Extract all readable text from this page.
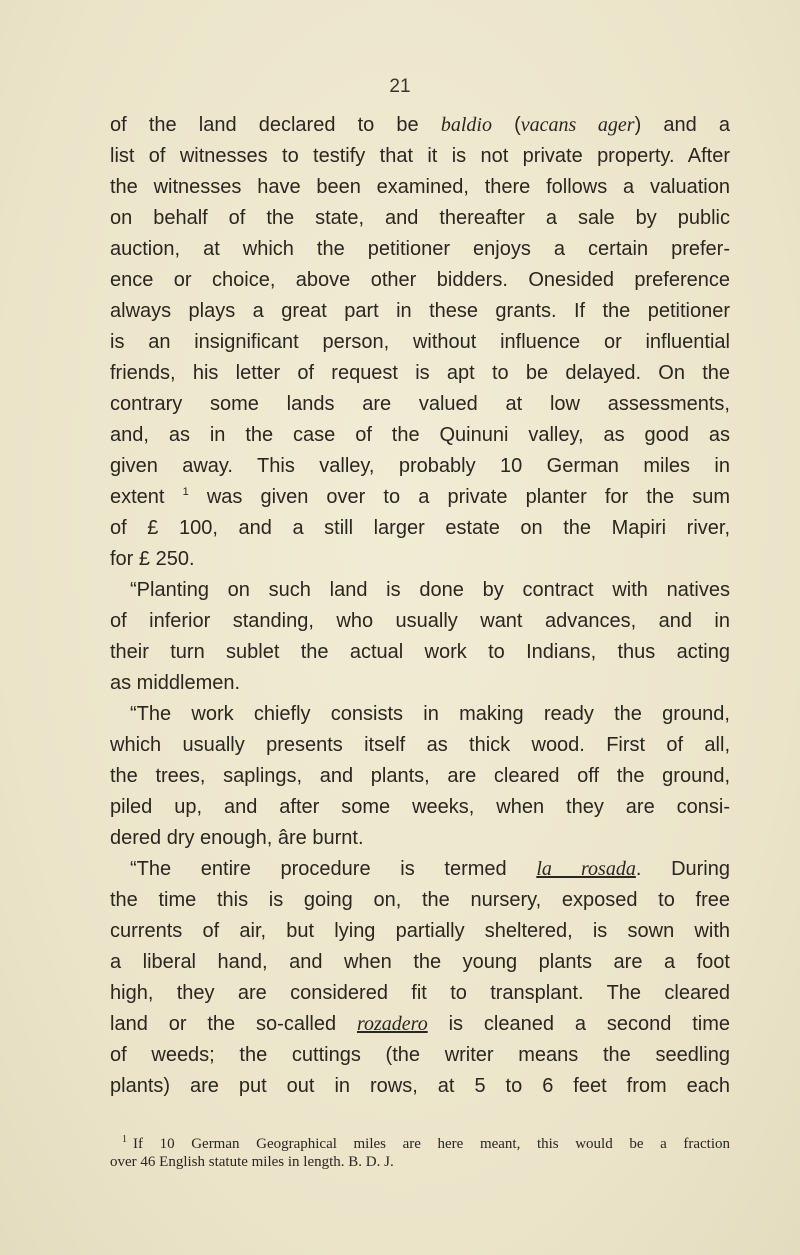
21
of the land declared to be baldio (vacans ager) and a
list of witnesses to testify that it is not private property. After
the witnesses have been examined, there follows a valuation
on behalf of the state, and thereafter a sale by public
auction, at which the petitioner enjoys a certain prefer-
ence or choice, above other bidders. Onesided preference
always plays a great part in these grants. If the petitioner
is an insignificant person, without influence or influential
friends, his letter of request is apt to be delayed. On the
contrary some lands are valued at low assessments,
and, as in the case of the Quinuni valley, as good as
given away. This valley, probably 10 German miles in
extent $^1$ was given over to a private planter for the sum
of £ 100, and a still larger estate on the Mapiri river,
for £ 250.
“Planting on such land is done by contract with natives
of inferior standing, who usually want advances, and in
their turn sublet the actual work to Indians, thus acting
as middlemen.
“The work chiefly consists in making ready the ground,
which usually presents itself as thick wood. First of all,
the trees, saplings, and plants, are cleared off the ground,
piled up, and after some weeks, when they are consi-
dered dry enough, âre burnt.
“The entire procedure is termed la rosada. During
the time this is going on, the nursery, exposed to free
currents of air, but lying partially sheltered, is sown with
a liberal hand, and when the young plants are a foot
high, they are considered fit to transplant. The cleared
land or the so-called rozadero is cleaned a second time
of weeds; the cuttings (the writer means the seedling
plants) are put out in rows, at 5 to 6 feet from each
$^1$ If 10 German Geographical miles are here meant, this would be a fraction
over 46 English statute miles in length. B. D. J.
